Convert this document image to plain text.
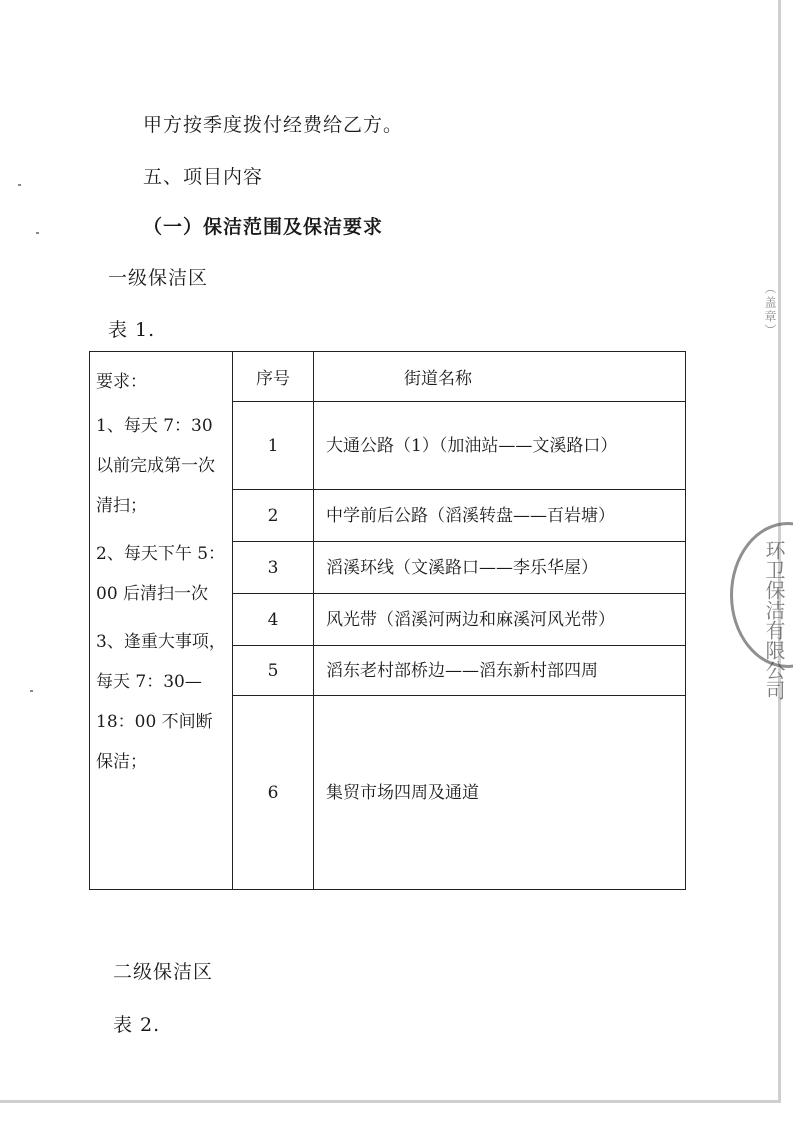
甲方按季度拨付经费给乙方。
五、项目内容
（一）保洁范围及保洁要求
一级保洁区
表 1.
要求：
1、每天 7：30 以前完成第一次清扫；
2、每天下午 5：00 后清扫一次
3、逢重大事项，每天 7：30—18：00 不间断保洁；	序号	街道名称
	1	大通公路（1）（加油站——文溪路口）
	2	中学前后公路（滔溪转盘——百岩塘）
	3	滔溪环线（文溪路口——李乐华屋）
	4	风光带（滔溪河两边和麻溪河风光带）
	5	滔东老村部桥边——滔东新村部四周
	6	集贸市场四周及通道
二级保洁区
表 2.
（盖章）
环卫保洁有限公司
